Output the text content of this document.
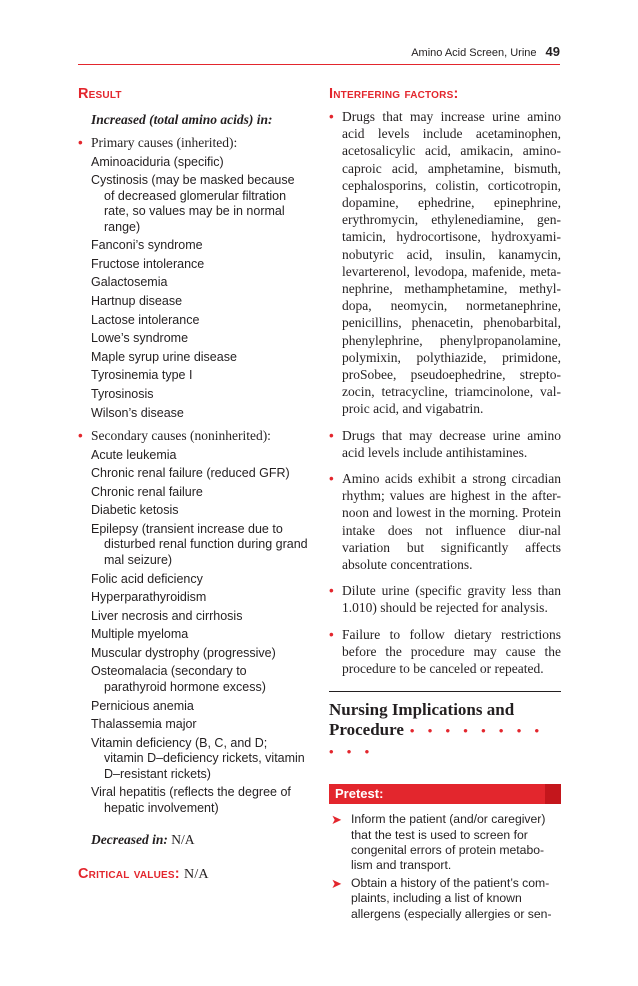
Amino Acid Screen, Urine 49
Result
Increased (total amino acids) in:
• Primary causes (inherited):
Aminoaciduria (specific)
Cystinosis (may be masked because of decreased glomerular filtration rate, so values may be in normal range)
Fanconi’s syndrome
Fructose intolerance
Galactosemia
Hartnup disease
Lactose intolerance
Lowe’s syndrome
Maple syrup urine disease
Tyrosinemia type I
Tyrosinosis
Wilson’s disease
• Secondary causes (noninherited):
Acute leukemia
Chronic renal failure (reduced GFR)
Chronic renal failure
Diabetic ketosis
Epilepsy (transient increase due to disturbed renal function during grand mal seizure)
Folic acid deficiency
Hyperparathyroidism
Liver necrosis and cirrhosis
Multiple myeloma
Muscular dystrophy (progressive)
Osteomalacia (secondary to parathyroid hormone excess)
Pernicious anemia
Thalassemia major
Vitamin deficiency (B, C, and D; vitamin D–deficiency rickets, vitamin D–resistant rickets)
Viral hepatitis (reflects the degree of hepatic involvement)
Decreased in: N/A
Critical values: N/A
Interfering factors:
• Drugs that may increase urine amino acid levels include acetaminophen, acetosalicylic acid, amikacin, amino-caproic acid, amphetamine, bismuth, cephalosporins, colistin, corticotropin, dopamine, ephedrine, epinephrine, erythromycin, ethylenediamine, gen-tamicin, hydrocortisone, hydroxyami-nobutyric acid, insulin, kanamycin, levarterenol, levodopa, mafenide, meta-nephrine, methamphetamine, methyl-dopa, neomycin, normetanephrine, penicillins, phenacetin, phenobarbital, phenylephrine, phenylpropanolamine, polymixin, polythiazide, primidone, proSobee, pseudoephedrine, strepto-zocin, tetracycline, triamcinolone, val-proic acid, and vigabatrin.
• Drugs that may decrease urine amino acid levels include antihistamines.
• Amino acids exhibit a strong circadian rhythm; values are highest in the after-noon and lowest in the morning. Protein intake does not influence diur-nal variation but significantly affects absolute concentrations.
• Dilute urine (specific gravity less than 1.010) should be rejected for analysis.
• Failure to follow dietary restrictions before the procedure may cause the procedure to be canceled or repeated.
Nursing Implications and
Procedure • • • • • • • • • • •
Pretest:
➤ Inform the patient (and/or caregiver) that the test is used to screen for congenital errors of protein metabo-lism and transport.
➤ Obtain a history of the patient’s com-plaints, including a list of known allergens (especially allergies or sen-
